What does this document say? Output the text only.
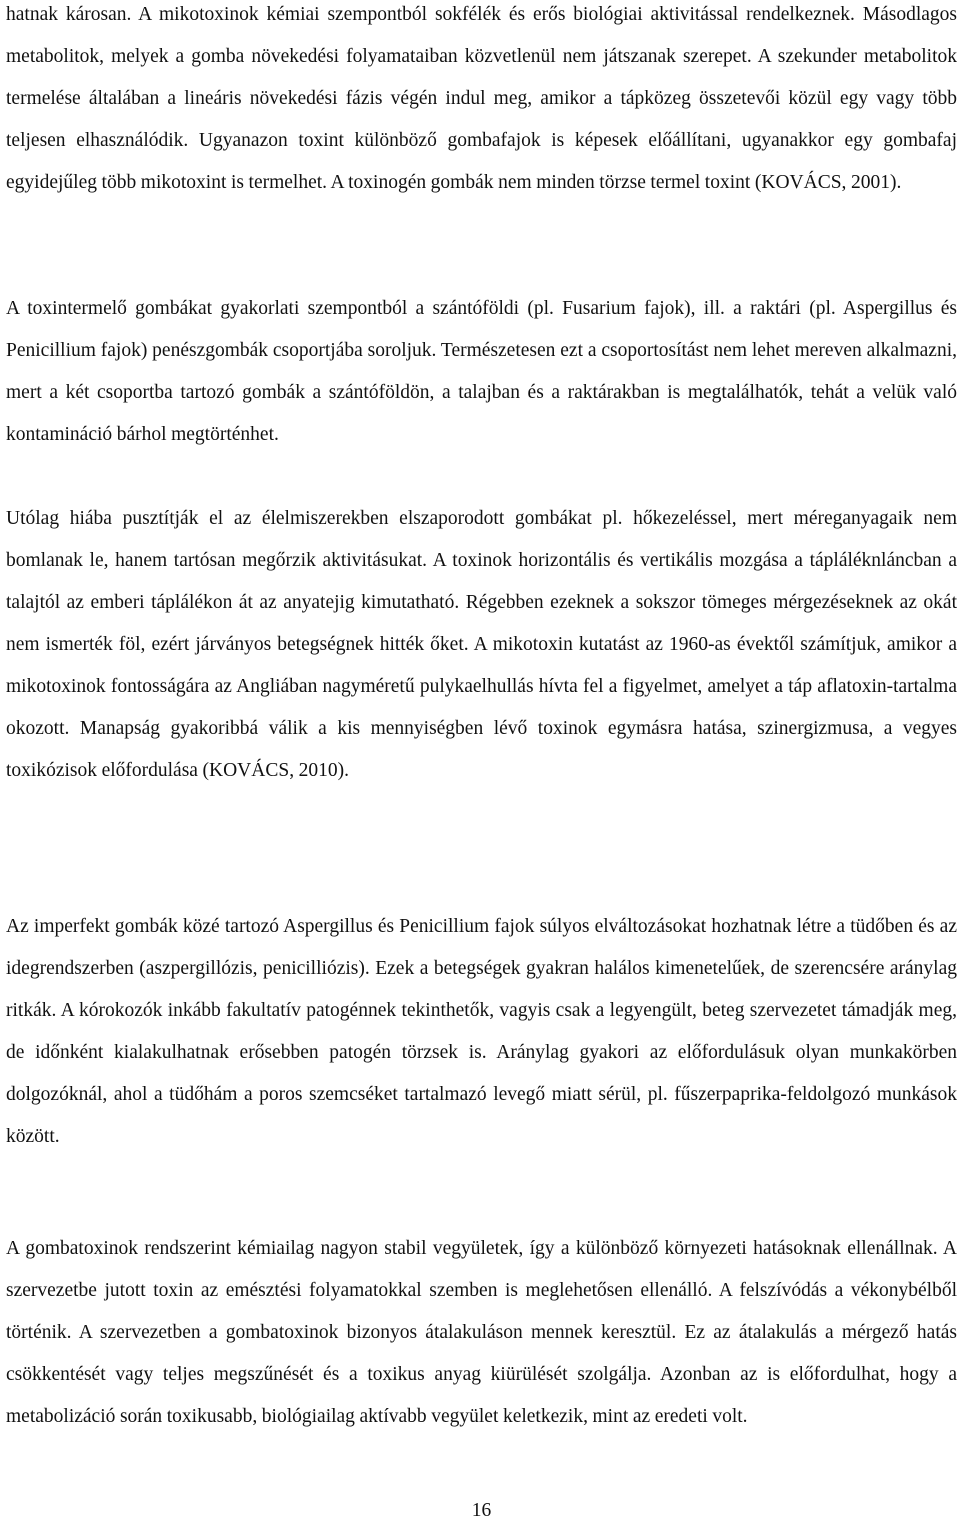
hatnak károsan. A mikotoxinok kémiai szempontból sokfélék és erős biológiai aktivitással rendelkeznek. Másodlagos metabolitok, melyek a gomba növekedési folyamataiban közvetlenül nem játszanak szerepet. A szekunder metabolitok termelése általában a lineáris növekedési fázis végén indul meg, amikor a tápközeg összetevői közül egy vagy több teljesen elhasználódik. Ugyanazon toxint különböző gombafajok is képesek előállítani, ugyanakkor egy gombafaj egyidejűleg több mikotoxint is termelhet. A toxinogén gombák nem minden törzse termel toxint (KOVÁCS, 2001).

A toxintermelő gombákat gyakorlati szempontból a szántóföldi (pl. Fusarium fajok), ill. a raktári (pl. Aspergillus és Penicillium fajok) penészgombák csoportjába soroljuk. Természetesen ezt a csoportosítást nem lehet mereven alkalmazni, mert a két csoportba tartozó gombák a szántóföldön, a talajban és a raktárakban is megtalálhatók, tehát a velük való kontamináció bárhol megtörténhet.

Utólag hiába pusztítják el az élelmiszerekben elszaporodott gombákat pl. hőkezeléssel, mert méreganyagaik nem bomlanak le, hanem tartósan megőrzik aktivitásukat. A toxinok horizontális és vertikális mozgása a tápláléknláncban a talajtól az emberi táplálékon át az anyatejig kimutatható. Régebben ezeknek a sokszor tömeges mérgezéseknek az okát nem ismerték föl, ezért járványos betegségnek hitték őket. A mikotoxin kutatást az 1960-as évektől számítjuk, amikor a mikotoxinok fontosságára az Angliában nagyméretű pulykaelhullás hívta fel a figyelmet, amelyet a táp aflatoxin-tartalma okozott. Manapság gyakoribbá válik a kis mennyiségben lévő toxinok egymásra hatása, szinergizmusa, a vegyes toxikózisok előfordulása (KOVÁCS, 2010).

Az imperfekt gombák közé tartozó Aspergillus és Penicillium fajok súlyos elváltozásokat hozhatnak létre a tüdőben és az idegrendszerben (aszpergillózis, penicilliózis). Ezek a betegségek gyakran halálos kimenetelűek, de szerencsére aránylag ritkák. A kórokozók inkább fakultatív patogénnek tekinthetők, vagyis csak a legyengült, beteg szervezetet támadják meg, de időnként kialakulhatnak erősebben patogén törzsek is. Aránylag gyakori az előfordulásuk olyan munkakörben dolgozóknál, ahol a tüdőhám a poros szemcséket tartalmazó levegő miatt sérül, pl. fűszerpaprika-feldolgozó munkások között.

A gombatoxinok rendszerint kémiailag nagyon stabil vegyületek, így a különböző környezeti hatásoknak ellenállnak. A szervezetbe jutott toxin az emésztési folyamatokkal szemben is meglehetősen ellenálló. A felszívódás a vékonybélből történik. A szervezetben a gombatoxinok bizonyos átalakuláson mennek keresztül. Ez az átalakulás a mérgező hatás csökkentését vagy teljes megszűnését és a toxikus anyag kiürülését szolgálja. Azonban az is előfordulhat, hogy a metabolizáció során toxikusabb, biológiailag aktívabb vegyület keletkezik, mint az eredeti volt.

16
